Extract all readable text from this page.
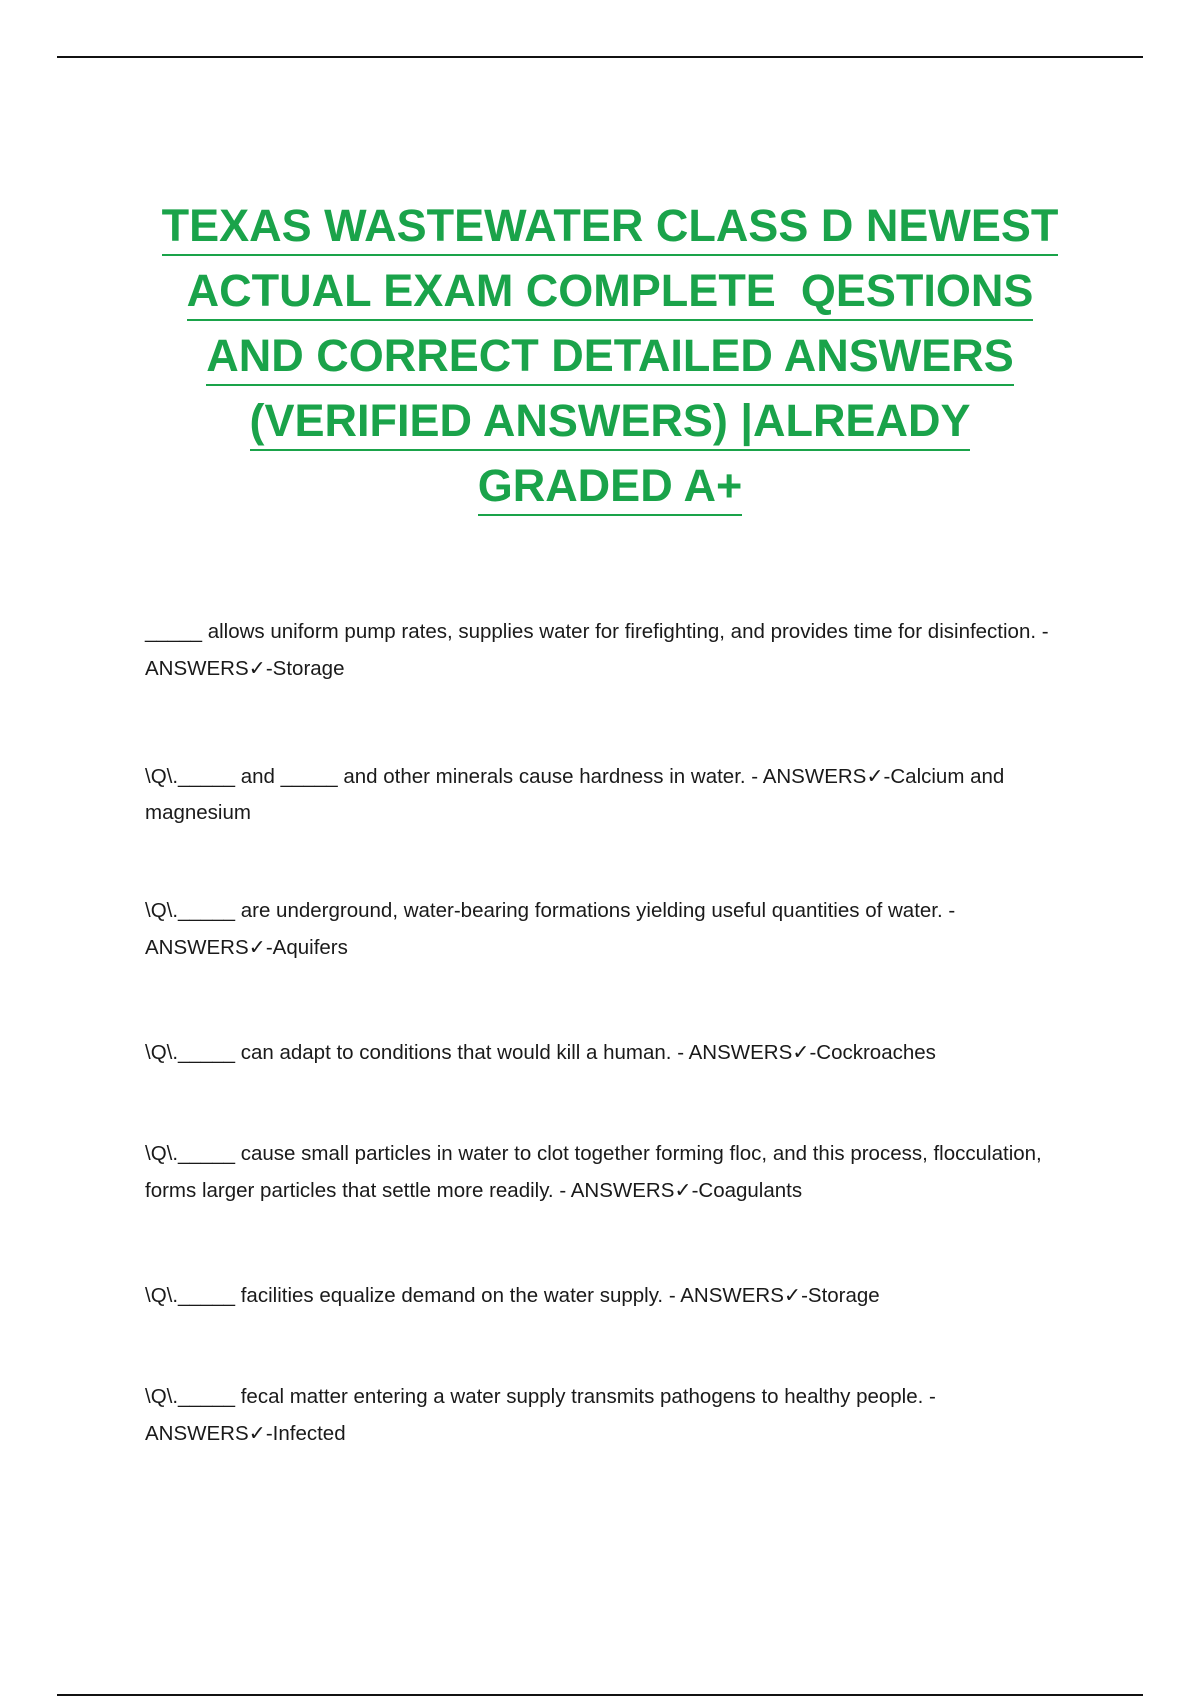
TEXAS WASTEWATER CLASS D NEWEST
ACTUAL EXAM COMPLETE  QESTIONS
AND CORRECT DETAILED ANSWERS
(VERIFIED ANSWERS) |ALREADY
GRADED A+

_____ allows uniform pump rates, supplies water for firefighting, and provides time for disinfection. - ANSWERS✓-Storage

\Q\._____ and _____ and other minerals cause hardness in water. - ANSWERS✓-Calcium and magnesium

\Q\._____ are underground, water-bearing formations yielding useful quantities of water. - ANSWERS✓-Aquifers

\Q\._____ can adapt to conditions that would kill a human. - ANSWERS✓-Cockroaches

\Q\._____ cause small particles in water to clot together forming floc, and this process, flocculation, forms larger particles that settle more readily. - ANSWERS✓-Coagulants

\Q\._____ facilities equalize demand on the water supply. - ANSWERS✓-Storage

\Q\._____ fecal matter entering a water supply transmits pathogens to healthy people. - ANSWERS✓-Infected
